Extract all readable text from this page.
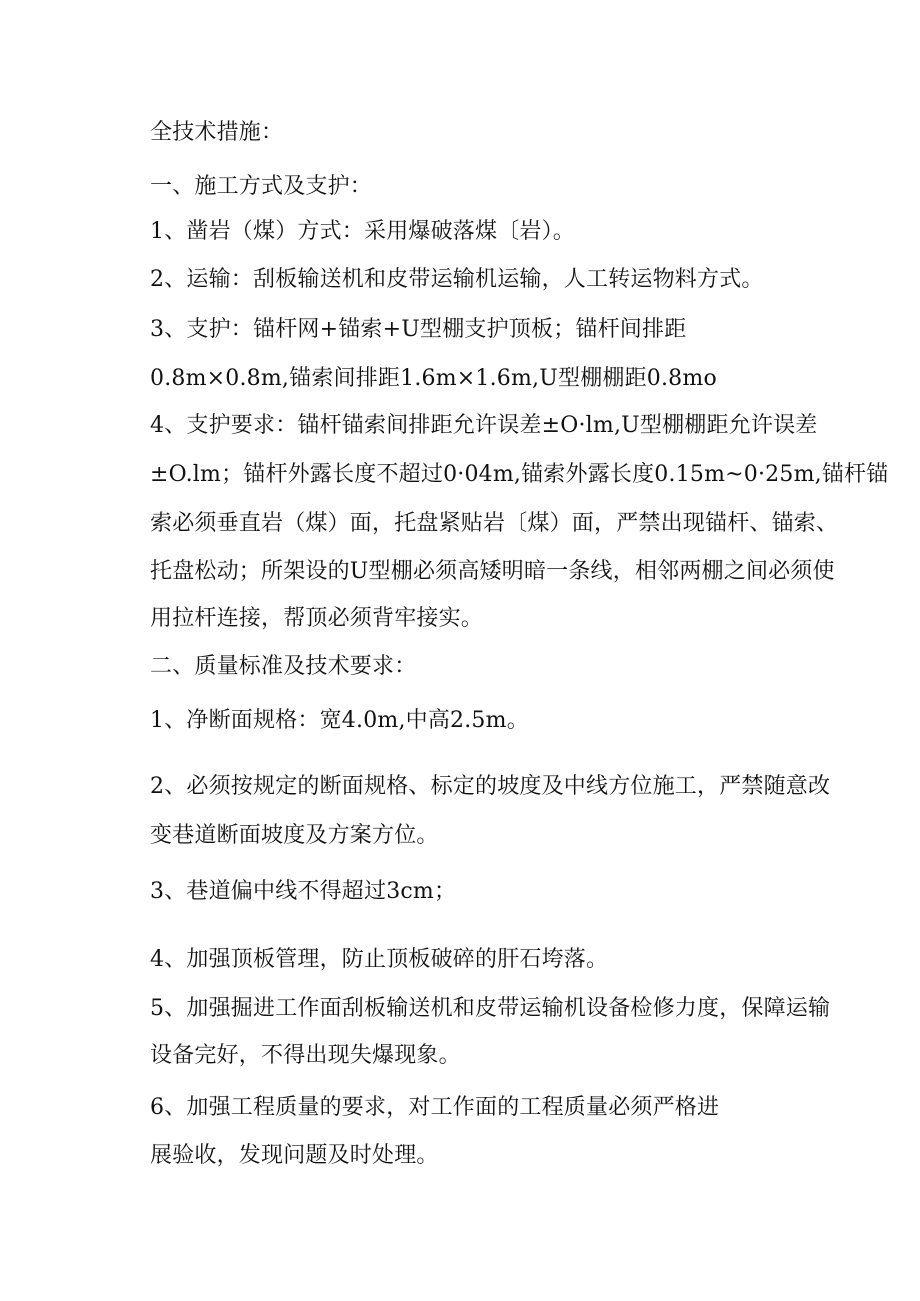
全技术措施：
一、施工方式及支护：
1、凿岩（煤）方式：采用爆破落煤〔岩）。
2、运输：刮板输送机和皮带运输机运输，人工转运物料方式。
3、支护：锚杆网+锚索+U型棚支护顶板；锚杆间排距
0.8m×0.8m,锚索间排距1.6m×1.6m,U型棚棚距0.8mo
4、支护要求：锚杆锚索间排距允许误差±O·lm,U型棚棚距允许误差
±O.lm；锚杆外露长度不超过0·04m,锚索外露长度0.15m~0·25m,锚杆锚
索必须垂直岩（煤）面，托盘紧贴岩〔煤）面，严禁出现锚杆、锚索、
托盘松动；所架设的U型棚必须高矮明暗一条线，相邻两棚之间必须使
用拉杆连接，帮顶必须背牢接实。
二、质量标准及技术要求：
1、净断面规格：宽4.0m,中高2.5m。
2、必须按规定的断面规格、标定的坡度及中线方位施工，严禁随意改
变巷道断面坡度及方案方位。
3、巷道偏中线不得超过3cm；
4、加强顶板管理，防止顶板破碎的肝石垮落。
5、加强掘进工作面刮板输送机和皮带运输机设备检修力度，保障运输
设备完好，不得出现失爆现象。
6、加强工程质量的要求，对工作面的工程质量必须严格进
展验收，发现问题及时处理。
